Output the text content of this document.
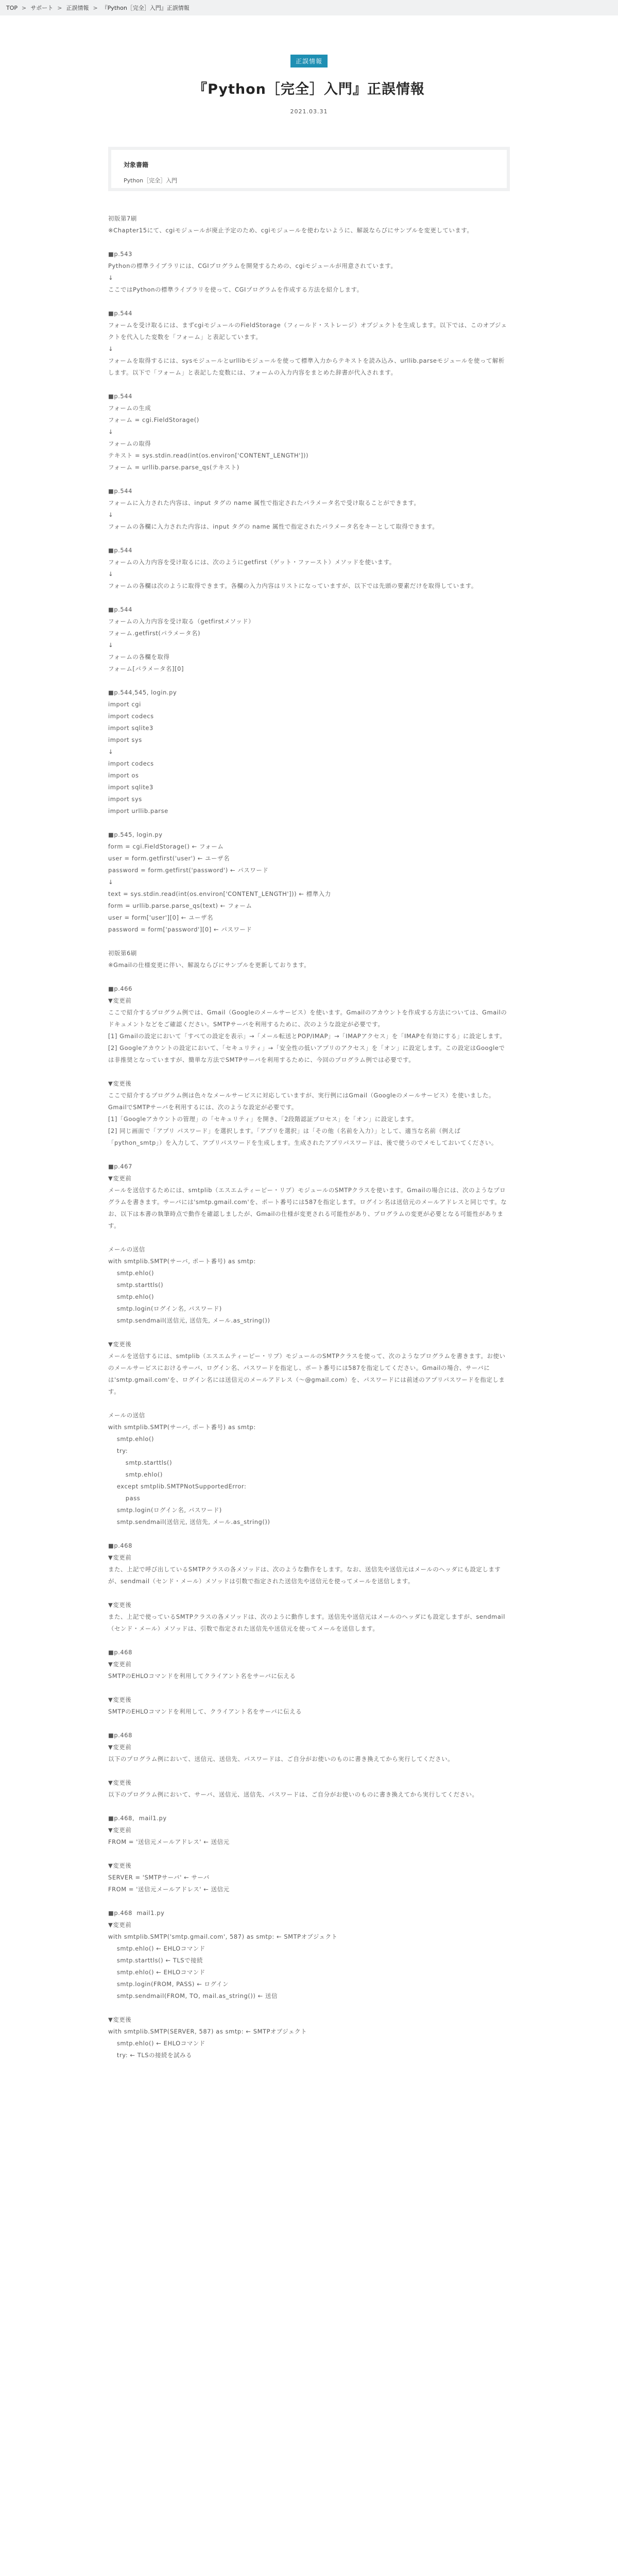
TOP > サポート > 正誤情報 > 『Python［完全］入門』正誤情報
正誤情報
『Python［完全］入門』正誤情報
2021.03.31
対象書籍
Python［完全］入門

初版第7刷
※Chapter15にて、cgiモジュールが廃止予定のため、cgiモジュールを使わないように、解説ならびにサンプルを変更しています。

■p.543
Pythonの標準ライブラリには、CGIプログラムを開発するための、cgiモジュールが用意されています。
↓
ここではPythonの標準ライブラリを使って、CGIプログラムを作成する方法を紹介します。

■p.544
フォームを受け取るには、まずcgiモジュールのFieldStorage（フィールド・ストレージ）オブジェクトを生成します。以下では、このオブジェクトを代入した変数を「フォーム」と表記しています。
↓
フォームを取得するには、sysモジュールとurllibモジュールを使って標準入力からテキストを読み込み、urllib.parseモジュールを使って解析します。以下で「フォーム」と表記した変数には、フォームの入力内容をまとめた辞書が代入されます。

■p.544
フォームの生成
フォーム = cgi.FieldStorage()
↓
フォームの取得
テキスト = sys.stdin.read(int(os.environ['CONTENT_LENGTH']))
フォーム = urllib.parse.parse_qs(テキスト)

■p.544
フォームに入力された内容は、input タグの name 属性で指定されたパラメータ名で受け取ることができます。
↓
フォームの各欄に入力された内容は、input タグの name 属性で指定されたパラメータ名をキーとして取得できます。

■p.544
フォームの入力内容を受け取るには、次のようにgetfirst（ゲット・ファースト）メソッドを使います。
↓
フォームの各欄は次のように取得できます。各欄の入力内容はリストになっていますが、以下では先頭の要素だけを取得しています。

■p.544
フォームの入力内容を受け取る（getfirstメソッド）
フォーム.getfirst(パラメータ名)
↓
フォームの各欄を取得
フォーム[パラメータ名][0]

■p.544,545, login.py
import cgi
import codecs
import sqlite3
import sys
↓
import codecs
import os
import sqlite3
import sys
import urllib.parse

■p.545, login.py
form = cgi.FieldStorage() ← フォーム
user = form.getfirst('user') ← ユーザ名
password = form.getfirst('password') ← パスワード
↓
text = sys.stdin.read(int(os.environ['CONTENT_LENGTH'])) ← 標準入力
form = urllib.parse.parse_qs(text) ← フォーム
user = form['user'][0] ← ユーザ名
password = form['password'][0] ← パスワード

初版第6刷
※Gmailの仕様変更に伴い、解説ならびにサンプルを更新しております。

■p.466
▼変更前
ここで紹介するプログラム例では、Gmail（Googleのメールサービス）を使います。Gmailのアカウントを作成する方法については、Gmailのドキュメントなどをご確認ください。SMTPサーバを利用するために、次のような設定が必要です。
[1] Gmailの設定において「すべての設定を表示」→「メール転送とPOP/IMAP」→「IMAPアクセス」を「IMAPを有効にする」に設定します。
[2] Googleアカウントの設定において、「セキュリティ」→「安全性の低いアプリのアクセス」を「オン」に設定します。この設定はGoogleでは非推奨となっていますが、簡単な方法でSMTPサーバを利用するために、今回のプログラム例では必要です。

▼変更後
ここで紹介するプログラム例は色々なメールサービスに対応していますが、実行例にはGmail（Googleのメールサービス）を使いました。GmailでSMTPサーバを利用するには、次のような設定が必要です。
[1]「Googleアカウントの管理」の「セキュリティ」を開き、「2段階認証プロセス」を「オン」に設定します。
[2] 同じ画面で「アプリ パスワード」を選択します。「アプリを選択」は「その他（名前を入力）」として、適当な名前（例えば「python_smtp」）を入力して、アプリパスワードを生成します。生成されたアプリパスワードは、後で使うのでメモしておいてください。

■p.467
▼変更前
メールを送信するためには、smtplib（エスエムティーピー・リブ）モジュールのSMTPクラスを使います。Gmailの場合には、次のようなプログラムを書きます。サーバには'smtp.gmail.com'を、ポート番号には587を指定します。ログイン名は送信元のメールアドレスと同じです。なお、以下は本書の執筆時点で動作を確認しましたが、Gmailの仕様が変更される可能性があり、プログラムの変更が必要となる可能性があります。

メールの送信
with smtplib.SMTP(サーバ, ポート番号) as smtp:
smtp.ehlo()
smtp.starttls()
smtp.ehlo()
smtp.login(ログイン名, パスワード)
smtp.sendmail(送信元, 送信先, メール.as_string())

▼変更後
メールを送信するには、smtplib（エスエムティーピー・リブ）モジュールのSMTPクラスを使って、次のようなプログラムを書きます。お使いのメールサービスにおけるサーバ、ログイン名、パスワードを指定し、ポート番号には587を指定してください。Gmailの場合、サーバには'smtp.gmail.com'を、ログイン名には送信元のメールアドレス（～@gmail.com）を、パスワードには前述のアプリパスワードを指定します。

メールの送信
with smtplib.SMTP(サーバ, ポート番号) as smtp:
smtp.ehlo()
try:
smtp.starttls()
smtp.ehlo()
except smtplib.SMTPNotSupportedError:
pass
smtp.login(ログイン名, パスワード)
smtp.sendmail(送信元, 送信先, メール.as_string())

■p.468
▼変更前
また、上記で呼び出しているSMTPクラスの各メソッドは、次のような動作をします。なお、送信先や送信元はメールのヘッダにも設定しますが、sendmail（センド・メール）メソッドは引数で指定された送信先や送信元を使ってメールを送信します。

▼変更後
また、上記で使っているSMTPクラスの各メソッドは、次のように動作します。送信先や送信元はメールのヘッダにも設定しますが、sendmail（センド・メール）メソッドは、引数で指定された送信先や送信元を使ってメールを送信します。

■p.468
▼変更前
SMTPのEHLOコマンドを利用してクライアント名をサーバに伝える

▼変更後
SMTPのEHLOコマンドを利用して、クライアント名をサーバに伝える

■p.468
▼変更前
以下のプログラム例において、送信元、送信先、パスワードは、ご自分がお使いのものに書き換えてから実行してください。

▼変更後
以下のプログラム例において、サーバ、送信元、送信先、パスワードは、ご自分がお使いのものに書き換えてから実行してください。

■p.468,  mail1.py
▼変更前
FROM = '送信元メールアドレス' ← 送信元

▼変更後
SERVER = 'SMTPサーバ' ← サーバ
FROM = '送信元メールアドレス' ← 送信元

■p.468  mail1.py
▼変更前
with smtplib.SMTP('smtp.gmail.com', 587) as smtp: ← SMTPオブジェクト
smtp.ehlo() ← EHLOコマンド
smtp.starttls() ← TLSで接続
smtp.ehlo() ← EHLOコマンド
smtp.login(FROM, PASS) ← ログイン
smtp.sendmail(FROM, TO, mail.as_string()) ← 送信

▼変更後
with smtplib.SMTP(SERVER, 587) as smtp: ← SMTPオブジェクト
smtp.ehlo() ← EHLOコマンド
try: ← TLSの接続を試みる
